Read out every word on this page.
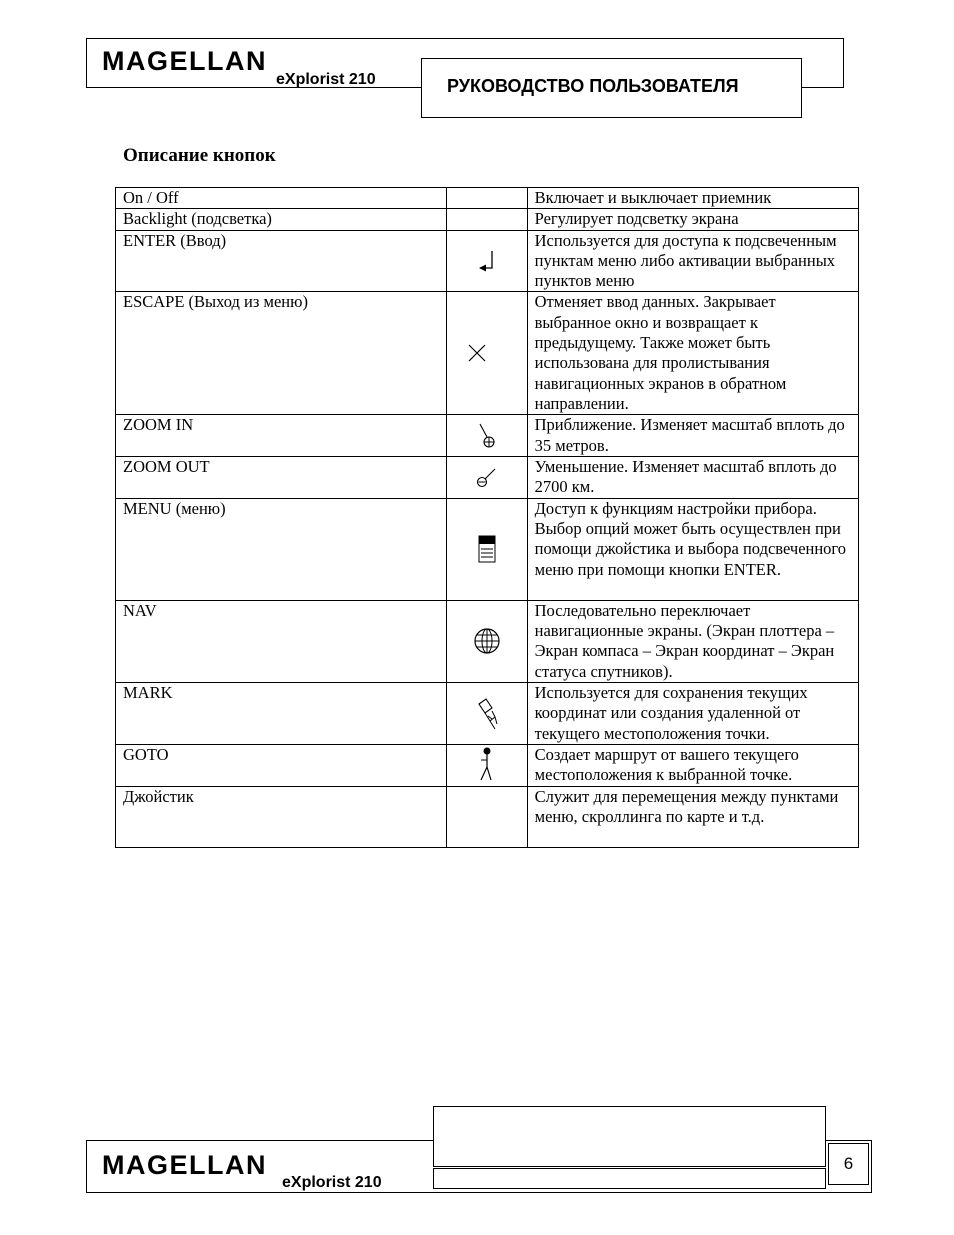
MAGELLAN
eXplorist 210	РУКОВОДСТВО ПОЛЬЗОВАТЕЛЯ
Описание кнопок
On / Off		Включает и выключает приемник
Backlight (подсветка)		Регулирует подсветку экрана
ENTER (Ввод)		Используется для доступа к подсвеченным пунктам меню либо активации выбранных пунктов меню
ESCAPE (Выход из меню)		Отменяет ввод данных. Закрывает выбранное окно и возвращает к предыдущему. Также может быть использована для пролистывания навигационных экранов в обратном направлении.
ZOOM IN		Приближение. Изменяет масштаб вплоть до 35 метров.
ZOOM OUT		Уменьшение. Изменяет масштаб вплоть до 2700 км.
MENU (меню)		Доступ к функциям настройки прибора. Выбор опций может быть осуществлен при помощи джойстика и выбора подсвеченного меню при помощи кнопки ENTER.
NAV		Последовательно переключает навигационные экраны. (Экран плоттера – Экран компаса – Экран координат – Экран статуса спутников).
MARK		Используется для сохранения текущих координат или создания удаленной от текущего местоположения точки.
GOTO		Создает маршрут от вашего текущего местоположения к выбранной точке.
Джойстик		Служит для перемещения между пунктами меню, скроллинга по карте и т.д.
MAGELLAN
eXplorist 210
6
